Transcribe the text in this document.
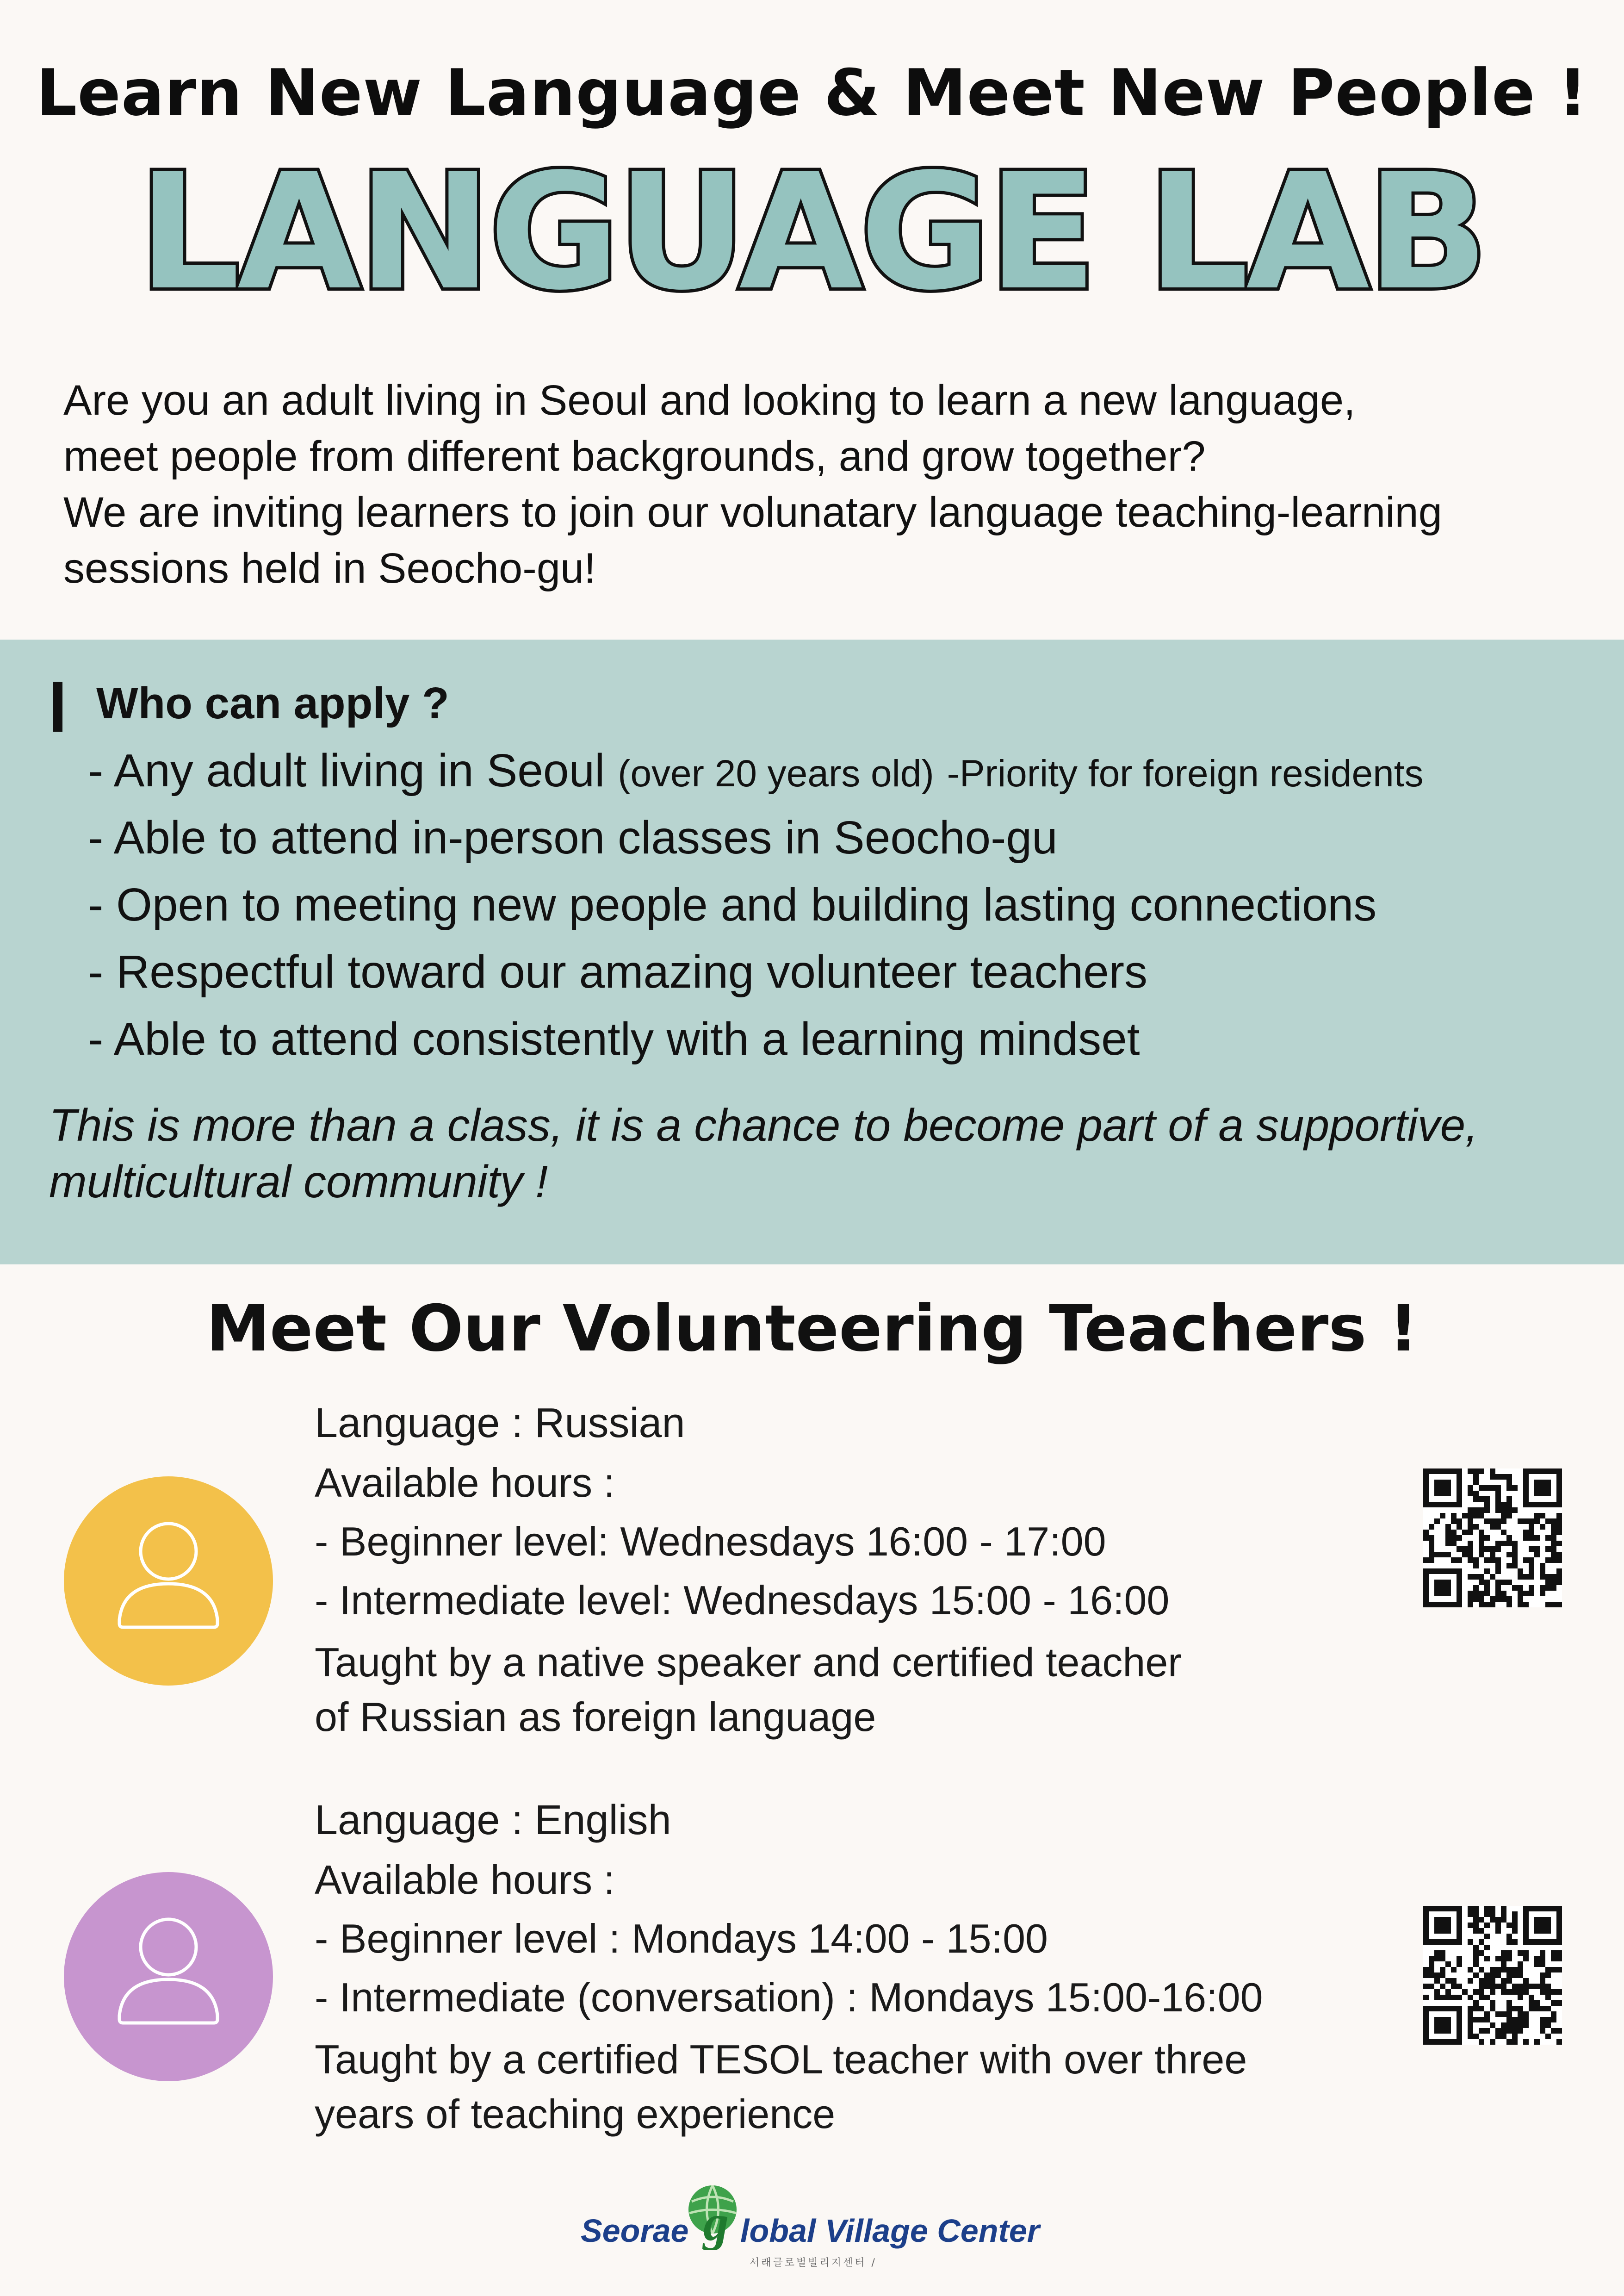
Learn New Language & Meet New People !
LANGUAGE LAB

Are you an adult living in Seoul and looking to learn a new language,

meet people from different backgrounds, and grow together?

We are inviting learners to join our volunatary language teaching-learning

sessions held in Seocho-gu!

Who can apply ?
- Any adult living in Seoul (over 20 years old) -Priority for foreign residents
- Able to attend in-person classes in Seocho-gu
- Open to meeting new people and building lasting connections
- Respectful toward our amazing volunteer teachers
- Able to attend consistently with a learning mindset

This is more than a class, it is a chance to become part of a supportive,

multicultural community !

Meet Our Volunteering Teachers !
Language : Russian
Available hours :
- Beginner level: Wednesdays 16:00 - 17:00
- Intermediate level: Wednesdays 15:00 - 16:00
Taught by a native speaker and certified teacher
of Russian as foreign language
Language : English
Available hours :
- Beginner level : Mondays 14:00 - 15:00
- Intermediate (conversation) : Mondays 15:00-16:00
Taught by a certified TESOL teacher with over three
years of teaching experience
Seorae g lobal Village Center
서래글로벌빌리지센터 /
